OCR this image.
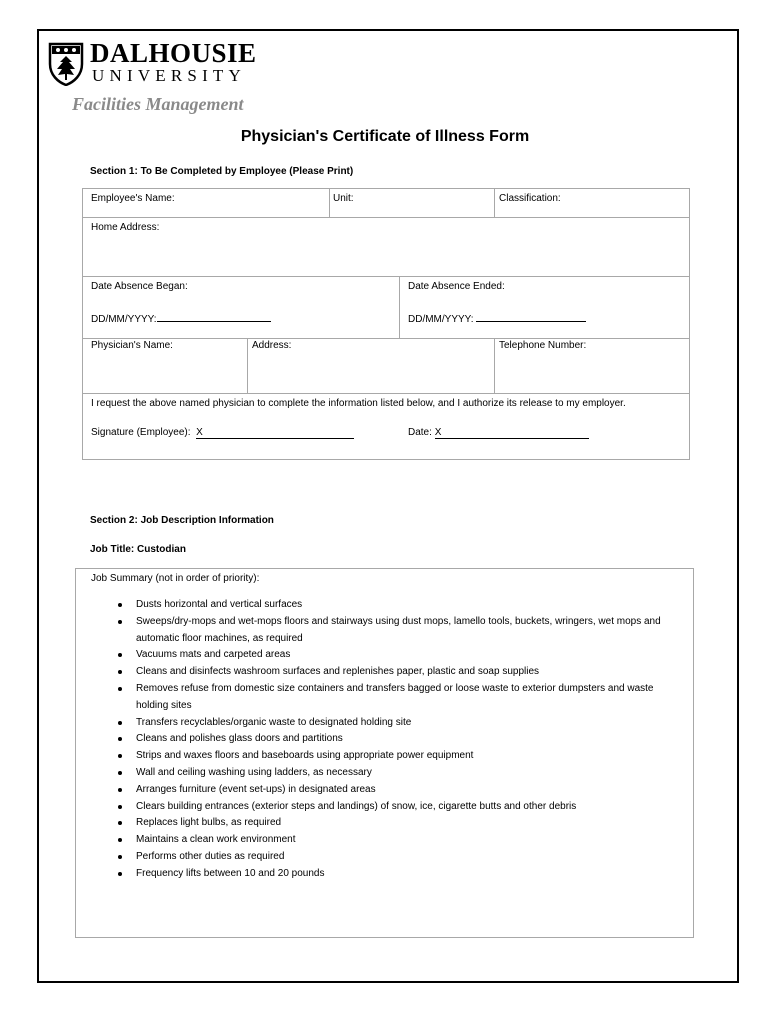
DALHOUSIE
UNIVERSITY
Facilities Management
Physician's Certificate of Illness Form
Section 1: To Be Completed by Employee (Please Print)
Employee's Name:	Unit:	Classification:
Home Address:
Date Absence Began:	Date Absence Ended:
DD/MM/YYYY:	DD/MM/YYYY:
Physician's Name:	Address:	Telephone Number:
I request the above named physician to complete the information listed below, and I authorize its release to my employer.
Signature (Employee): X	Date: X
Section 2: Job Description Information
Job Title: Custodian
Job Summary (not in order of priority):
Dusts horizontal and vertical surfaces
Sweeps/dry-mops and wet-mops floors and stairways using dust mops, lamello tools, buckets, wringers, wet mops and automatic floor machines, as required
Vacuums mats and carpeted areas
Cleans and disinfects washroom surfaces and replenishes paper, plastic and soap supplies
Removes refuse from domestic size containers and transfers bagged or loose waste to exterior dumpsters and waste holding sites
Transfers recyclables/organic waste to designated holding site
Cleans and polishes glass doors and partitions
Strips and waxes floors and baseboards using appropriate power equipment
Wall and ceiling washing using ladders, as necessary
Arranges furniture (event set-ups) in designated areas
Clears building entrances (exterior steps and landings) of snow, ice, cigarette butts and other debris
Replaces light bulbs, as required
Maintains a clean work environment
Performs other duties as required
Frequency lifts between 10 and 20 pounds
